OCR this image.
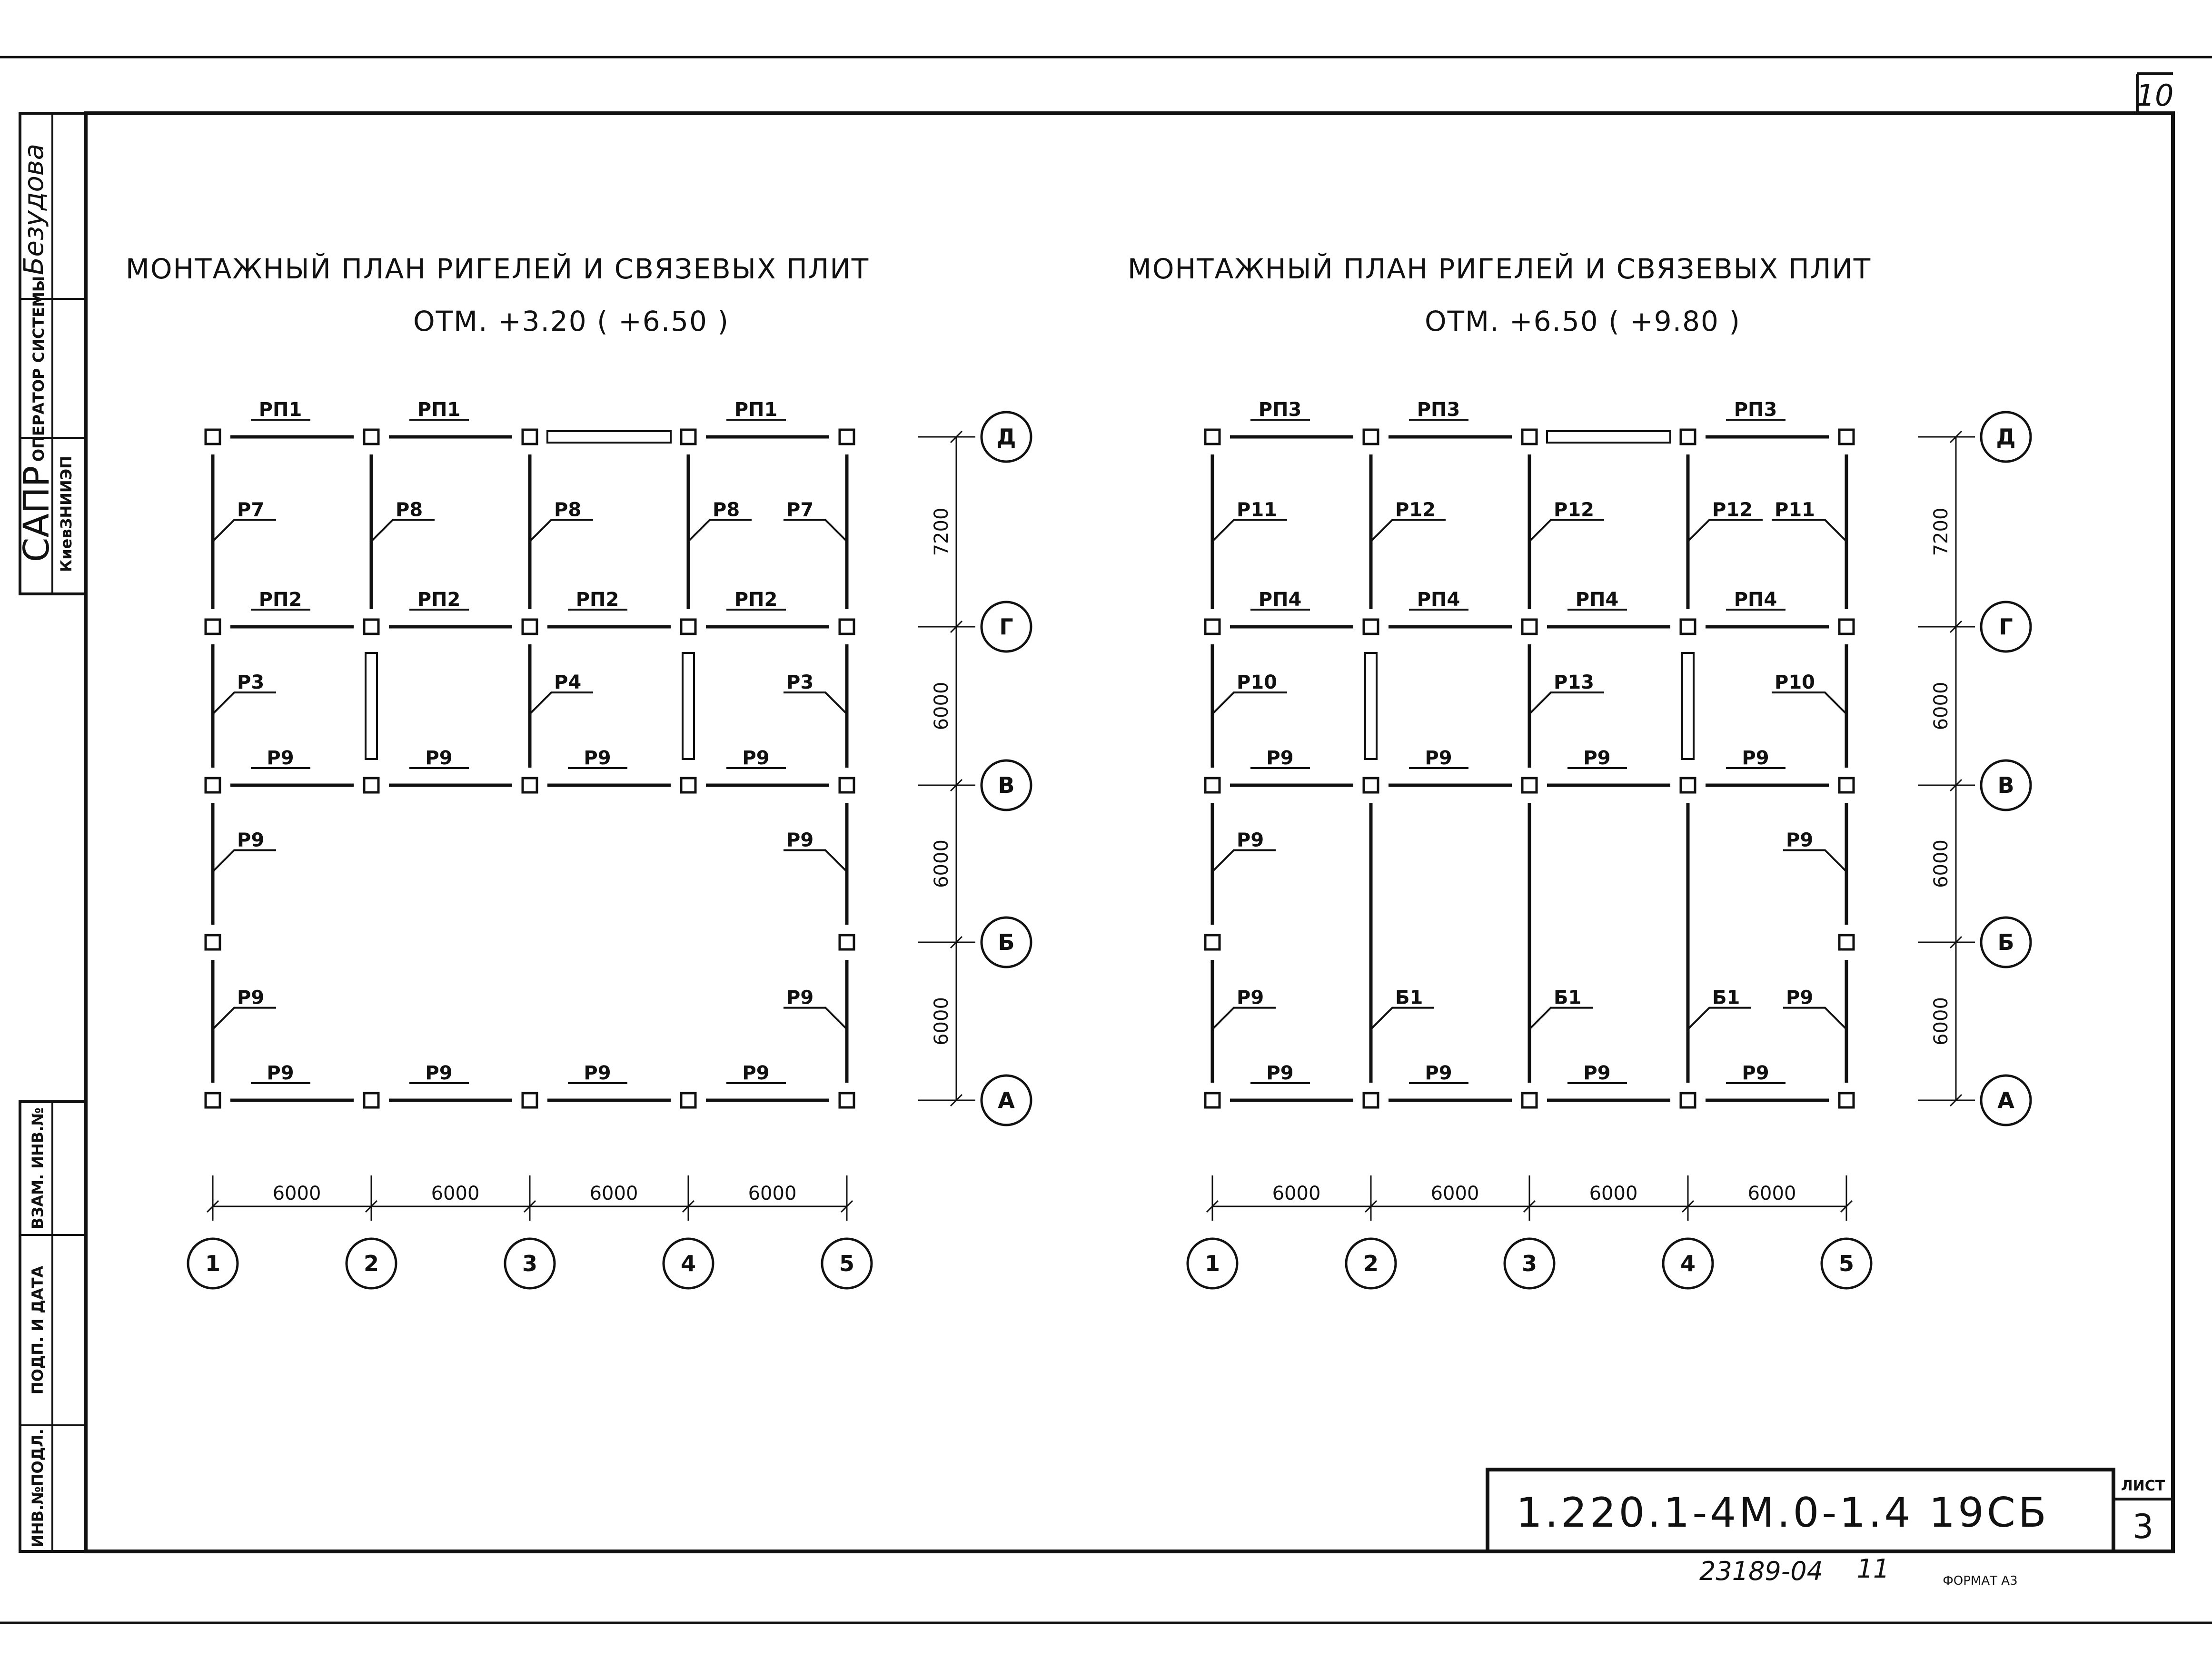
10
Безудова
ОПЕРАТОР СИСТЕМЫ
САПР КиевЗНИИЭП
ВЗАМ. ИНВ.№
ПОДП. И ДАТА
ИНВ.№ПОДЛ.
МОНТАЖНЫЙ ПЛАН РИГЕЛЕЙ И СВЯЗЕВЫХ ПЛИТ
ОТМ. +3.20 ( +6.50 )
МОНТАЖНЫЙ ПЛАН РИГЕЛЕЙ И СВЯЗЕВЫХ ПЛИТ
ОТМ. +6.50 ( +9.80 )
РП1	РП1	РП1
РП2	РП2	РП2	РП2
Р9	Р9	Р9	Р9
Р9	Р9	Р9	Р9
Р7	Р8	Р8	Р8 Р7
Р3	Р4	Р3
Р9	Р9
Р9	Р9
Д
Г
В
Б
А
7200
6000
6000
6000
1	2	3	4	5
6000	6000	6000	6000
РП3	РП3	РП3
РП4	РП4	РП4	РП4
Р9	Р9	Р9	Р9
Р9	Р9	Р9	Р9
Р11	Р12	Р12	Р12 Р11
Р10	Р13	Р10
Р9	Р9
Р9	Б1	Б1	Б1 Р9
Д
Г
В
Б
А
7200
6000
6000
6000
1	2	3	4	5
6000	6000	6000	6000
1.220.1-4М.0-1.4 19СБ
ЛИСТ
3
23189-04 11	ФОРМАТ А3
